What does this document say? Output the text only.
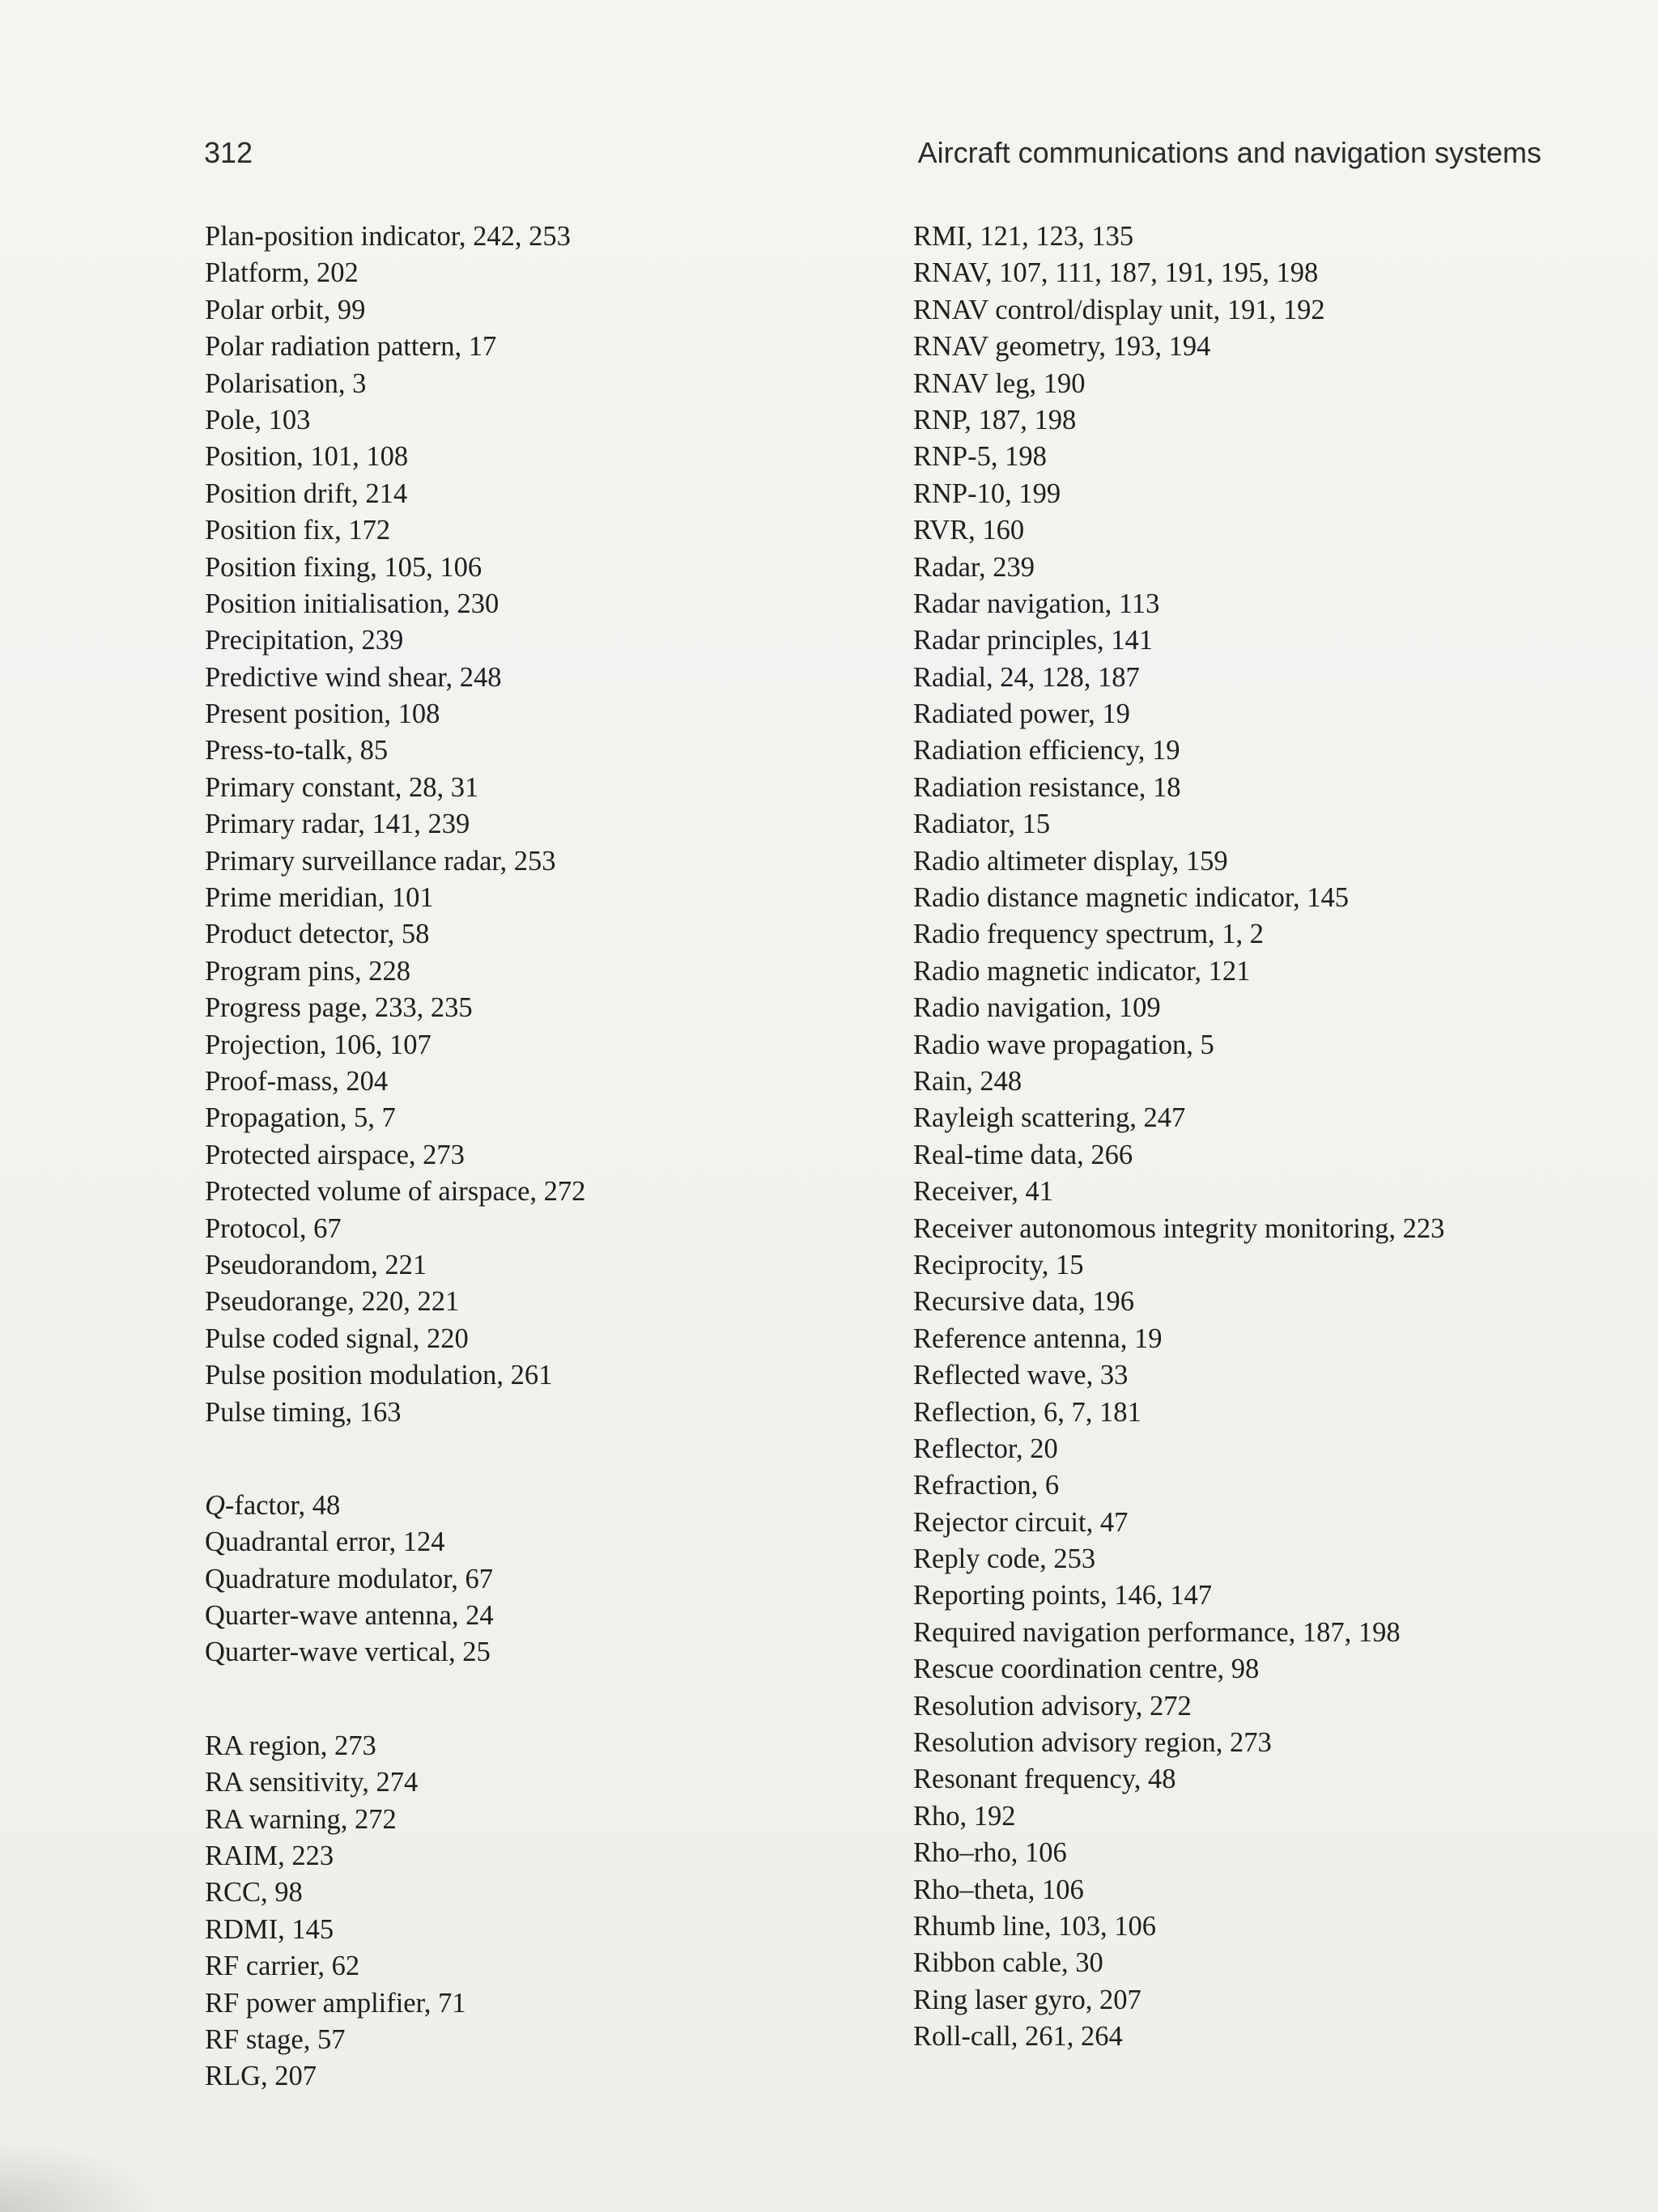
312	Aircraft communications and navigation systems
Plan-position indicator, 242, 253
Platform, 202
Polar orbit, 99
Polar radiation pattern, 17
Polarisation, 3
Pole, 103
Position, 101, 108
Position drift, 214
Position fix, 172
Position fixing, 105, 106
Position initialisation, 230
Precipitation, 239
Predictive wind shear, 248
Present position, 108
Press-to-talk, 85
Primary constant, 28, 31
Primary radar, 141, 239
Primary surveillance radar, 253
Prime meridian, 101
Product detector, 58
Program pins, 228
Progress page, 233, 235
Projection, 106, 107
Proof-mass, 204
Propagation, 5, 7
Protected airspace, 273
Protected volume of airspace, 272
Protocol, 67
Pseudorandom, 221
Pseudorange, 220, 221
Pulse coded signal, 220
Pulse position modulation, 261
Pulse timing, 163
Q-factor, 48
Quadrantal error, 124
Quadrature modulator, 67
Quarter-wave antenna, 24
Quarter-wave vertical, 25
RA region, 273
RA sensitivity, 274
RA warning, 272
RAIM, 223
RCC, 98
RDMI, 145
RF carrier, 62
RF power amplifier, 71
RF stage, 57
RLG, 207
RMI, 121, 123, 135
RNAV, 107, 111, 187, 191, 195, 198
RNAV control/display unit, 191, 192
RNAV geometry, 193, 194
RNAV leg, 190
RNP, 187, 198
RNP-5, 198
RNP-10, 199
RVR, 160
Radar, 239
Radar navigation, 113
Radar principles, 141
Radial, 24, 128, 187
Radiated power, 19
Radiation efficiency, 19
Radiation resistance, 18
Radiator, 15
Radio altimeter display, 159
Radio distance magnetic indicator, 145
Radio frequency spectrum, 1, 2
Radio magnetic indicator, 121
Radio navigation, 109
Radio wave propagation, 5
Rain, 248
Rayleigh scattering, 247
Real-time data, 266
Receiver, 41
Receiver autonomous integrity monitoring, 223
Reciprocity, 15
Recursive data, 196
Reference antenna, 19
Reflected wave, 33
Reflection, 6, 7, 181
Reflector, 20
Refraction, 6
Rejector circuit, 47
Reply code, 253
Reporting points, 146, 147
Required navigation performance, 187, 198
Rescue coordination centre, 98
Resolution advisory, 272
Resolution advisory region, 273
Resonant frequency, 48
Rho, 192
Rho–rho, 106
Rho–theta, 106
Rhumb line, 103, 106
Ribbon cable, 30
Ring laser gyro, 207
Roll-call, 261, 264
